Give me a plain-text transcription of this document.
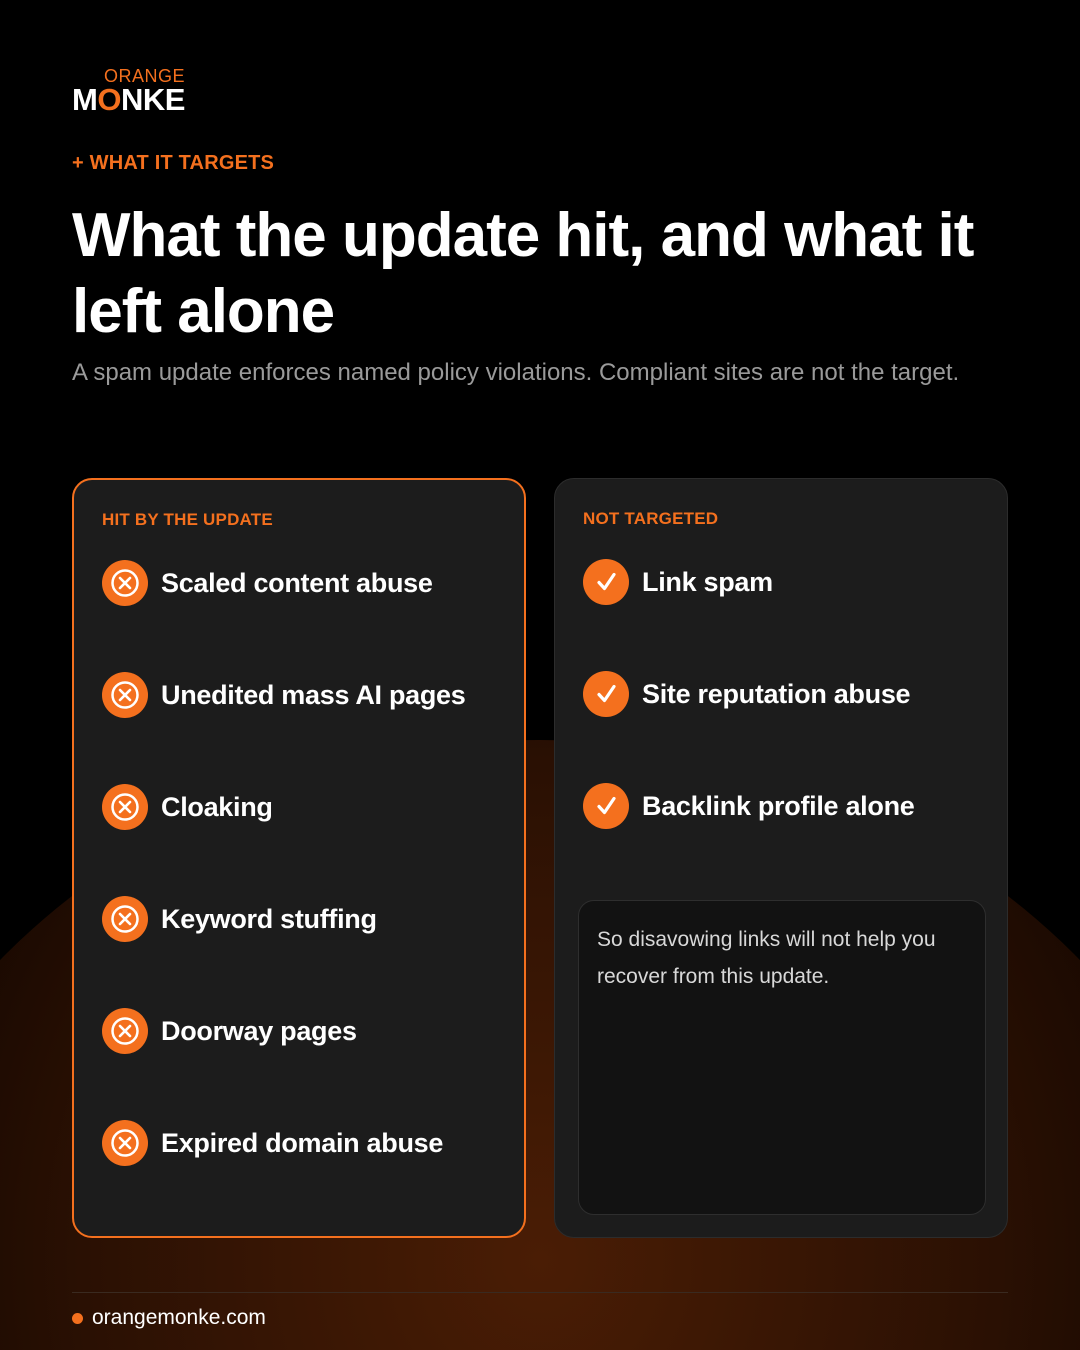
ORANGE
MONKE
+ WHAT IT TARGETS
What the update hit, and what it left alone

A spam update enforces named policy violations. Compliant sites are not the target.

HIT BY THE UPDATE
Scaled content abuse
Unedited mass AI pages
Cloaking
Keyword stuffing
Doorway pages
Expired domain abuse
NOT TARGETED
Link spam
Site reputation abuse
Backlink profile alone

So disavowing links will not help you recover from this update.

orangemonke.com
